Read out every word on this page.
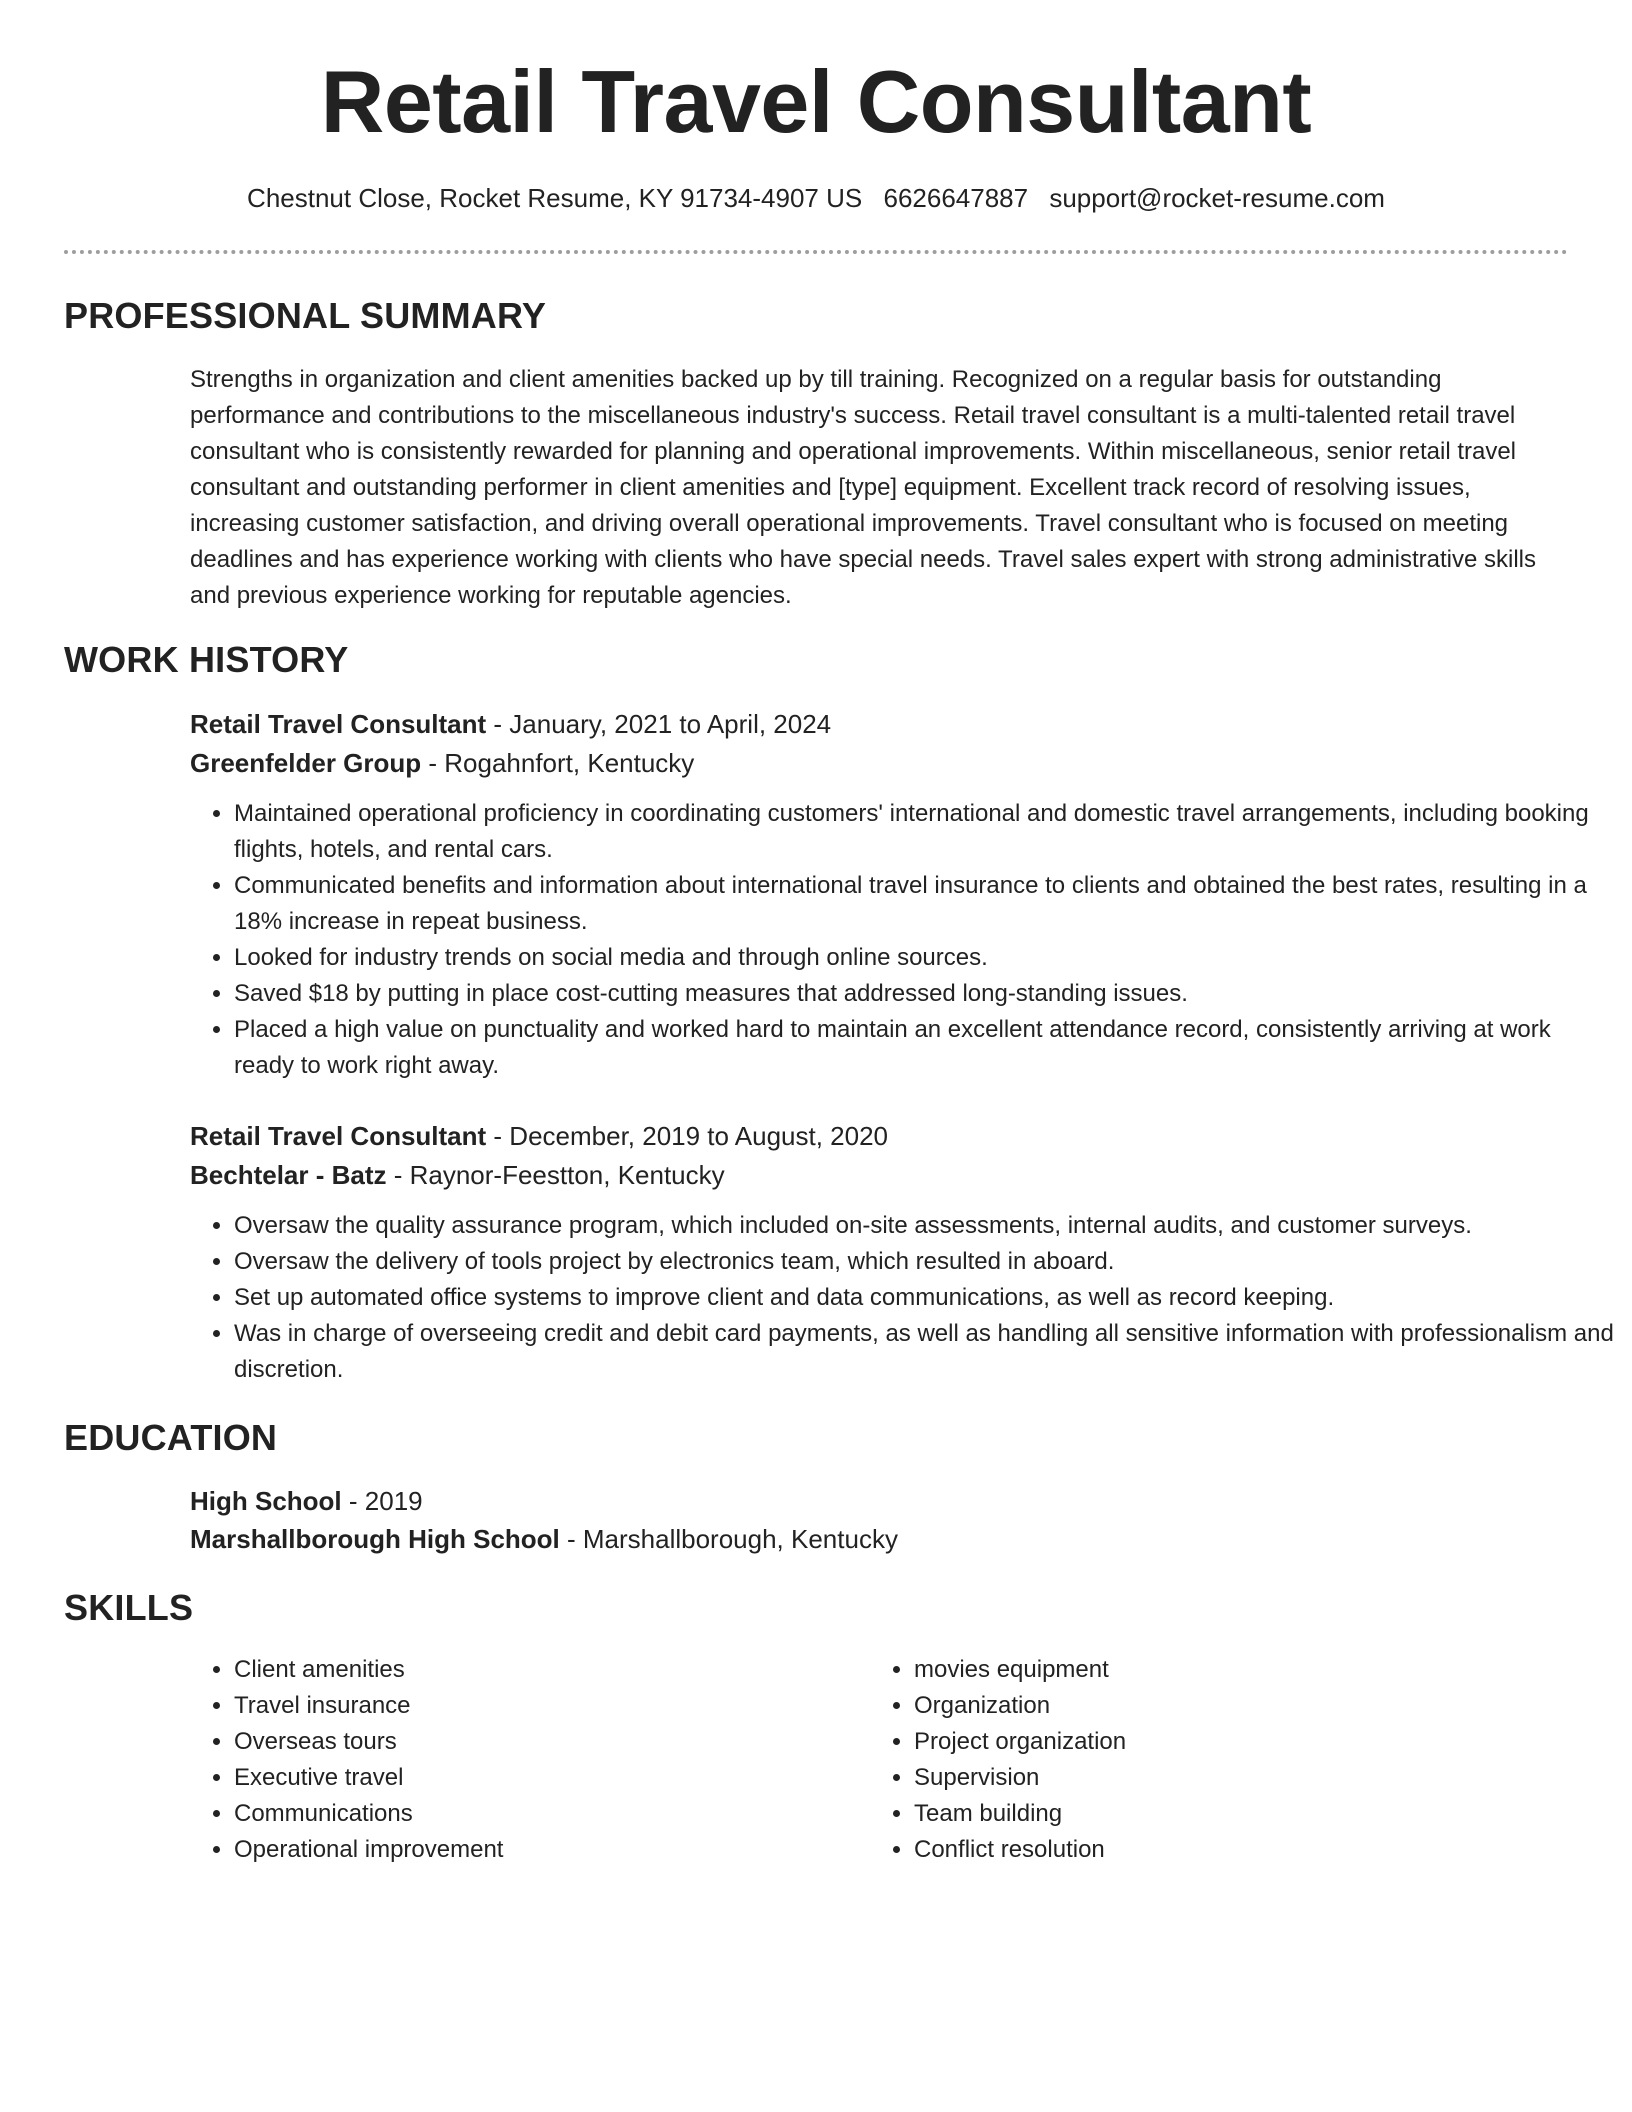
Retail Travel Consultant
Chestnut Close, Rocket Resume, KY 91734-4907 US 6626647887 support@rocket-resume.com
PROFESSIONAL SUMMARY

Strengths in organization and client amenities backed up by till training. Recognized on a regular basis for outstanding performance and contributions to the miscellaneous industry's success. Retail travel consultant is a multi-talented retail travel consultant who is consistently rewarded for planning and operational improvements. Within miscellaneous, senior retail travel consultant and outstanding performer in client amenities and [type] equipment. Excellent track record of resolving issues, increasing customer satisfaction, and driving overall operational improvements. Travel consultant who is focused on meeting deadlines and has experience working with clients who have special needs. Travel sales expert with strong administrative skills and previous experience working for reputable agencies.

WORK HISTORY
Retail Travel Consultant - January, 2021 to April, 2024
Greenfelder Group - Rogahnfort, Kentucky
• Maintained operational proficiency in coordinating customers' international and domestic travel arrangements, including booking flights, hotels, and rental cars.
• Communicated benefits and information about international travel insurance to clients and obtained the best rates, resulting in a 18% increase in repeat business.
• Looked for industry trends on social media and through online sources.
• Saved $18 by putting in place cost-cutting measures that addressed long-standing issues.
• Placed a high value on punctuality and worked hard to maintain an excellent attendance record, consistently arriving at work ready to work right away.
Retail Travel Consultant - December, 2019 to August, 2020
Bechtelar - Batz - Raynor-Feestton, Kentucky
• Oversaw the quality assurance program, which included on-site assessments, internal audits, and customer surveys.
• Oversaw the delivery of tools project by electronics team, which resulted in aboard.
• Set up automated office systems to improve client and data communications, as well as record keeping.
• Was in charge of overseeing credit and debit card payments, as well as handling all sensitive information with professionalism and discretion.
EDUCATION
High School - 2019
Marshallborough High School - Marshallborough, Kentucky
SKILLS
• Client amenities
• Travel insurance
• Overseas tours
• Executive travel
• Communications
• Operational improvement
• movies equipment
• Organization
• Project organization
• Supervision
• Team building
• Conflict resolution
